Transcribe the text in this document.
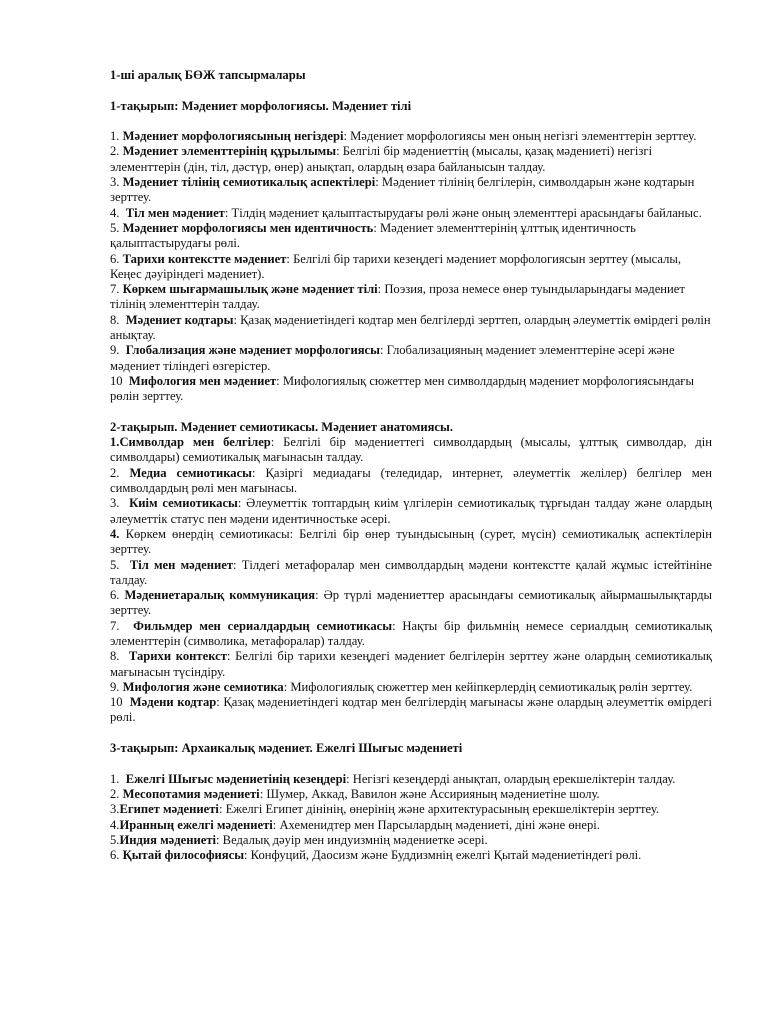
1-ші аралық БӨЖ тапсырмалары

1-тақырып: Мәдениет морфологиясы. Мәдениет тілі

1. Мәдениет морфологиясының негіздері: Мәдениет морфологиясы мен оның негізгі элементтерін зерттеу.

2. Мәдениет элементтерінің құрылымы: Белгілі бір мәдениеттің (мысалы, қазақ мәдениеті) негізгі элементтерін (дін, тіл, дәстүр, өнер) анықтап, олардың өзара байланысын талдау.

3. Мәдениет тілінің семиотикалық аспектілері: Мәдениет тілінің белгілерін, символдарын және кодтарын зерттеу.

4.  Тіл мен мәдениет: Тілдің мәдениет қалыптастырудағы рөлі және оның элементтері арасындағы байланыс.

5. Мәдениет морфологиясы мен идентичность: Мәдениет элементтерінің ұлттық идентичность қалыптастырудағы рөлі.

6. Тарихи контекстте мәдениет: Белгілі бір тарихи кезеңдегі мәдениет морфологиясын зерттеу (мысалы, Кеңес дәуіріндегі мәдениет).

7. Көркем шығармашылық және мәдениет тілі: Поэзия, проза немесе өнер туындыларындағы мәдениет тілінің элементтерін талдау.

8.  Мәдениет кодтары: Қазақ мәдениетіндегі кодтар мен белгілерді зерттеп, олардың әлеуметтік өмірдегі рөлін анықтау.

9.  Глобализация және мәдениет морфологиясы: Глобализацияның мәдениет элементтеріне әсері және мәдениет тіліндегі өзгерістер.

10  Мифология мен мәдениет: Мифологиялық сюжеттер мен символдардың мәдениет морфологиясындағы рөлін зерттеу.

2-тақырып. Мәдениет семиотикасы. Мәдениет анатомиясы.

1.Символдар мен белгілер: Белгілі бір мәдениеттегі символдардың (мысалы, ұлттық символдар, дін символдары) семиотикалық мағынасын талдау.

2. Медиа семиотикасы: Қазіргі медиадағы (теледидар, интернет, әлеуметтік желілер) белгілер мен символдардың рөлі мен мағынасы.

3.  Киім семиотикасы: Әлеуметтік топтардың киім үлгілерін семиотикалық тұрғыдан талдау және олардың әлеуметтік статус пен мәдени идентичностьке әсері.

4. Көркем өнердің семиотикасы: Белгілі бір өнер туындысының (сурет, мүсін) семиотикалық аспектілерін зерттеу.

5.  Тіл мен мәдениет: Тілдегі метафоралар мен символдардың мәдени контекстте қалай жұмыс істейтініне талдау.

6. Мәдениетаралық коммуникация: Әр түрлі мәдениеттер арасындағы семиотикалық айырмашылықтарды зерттеу.

7.  Фильмдер мен сериалдардың семиотикасы: Нақты бір фильмнің немесе сериалдың семиотикалық элементтерін (символика, метафоралар) талдау.

8.  Тарихи контекст: Белгілі бір тарихи кезеңдегі мәдениет белгілерін зерттеу және олардың семиотикалық мағынасын түсіндіру.

9. Мифология және семиотика: Мифологиялық сюжеттер мен кейіпкерлердің семиотикалық рөлін зерттеу.

10  Мәдени кодтар: Қазақ мәдениетіндегі кодтар мен белгілердің мағынасы және олардың әлеуметтік өмірдегі рөлі.

3-тақырып: Архаикалық мәдениет. Ежелгі Шығыс мәдениеті

1.  Ежелгі Шығыс мәдениетінің кезеңдері: Негізгі кезеңдерді анықтап, олардың ерекшеліктерін талдау.

2. Месопотамия мәдениеті: Шумер, Аккад, Вавилон және Ассирияның мәдениетіне шолу.

3.Египет мәдениеті: Ежелгі Египет дінінің, өнерінің және архитектурасының ерекшеліктерін зерттеу.

4.Иранның ежелгі мәдениеті: Ахеменидтер мен Парсылардың мәдениеті, діні және өнері.

5.Индия мәдениеті: Ведалық дәуір мен индуизмнің мәдениетке әсері.

6. Қытай философиясы: Конфуций, Даосизм және Буддизмнің ежелгі Қытай мәдениетіндегі рөлі.
